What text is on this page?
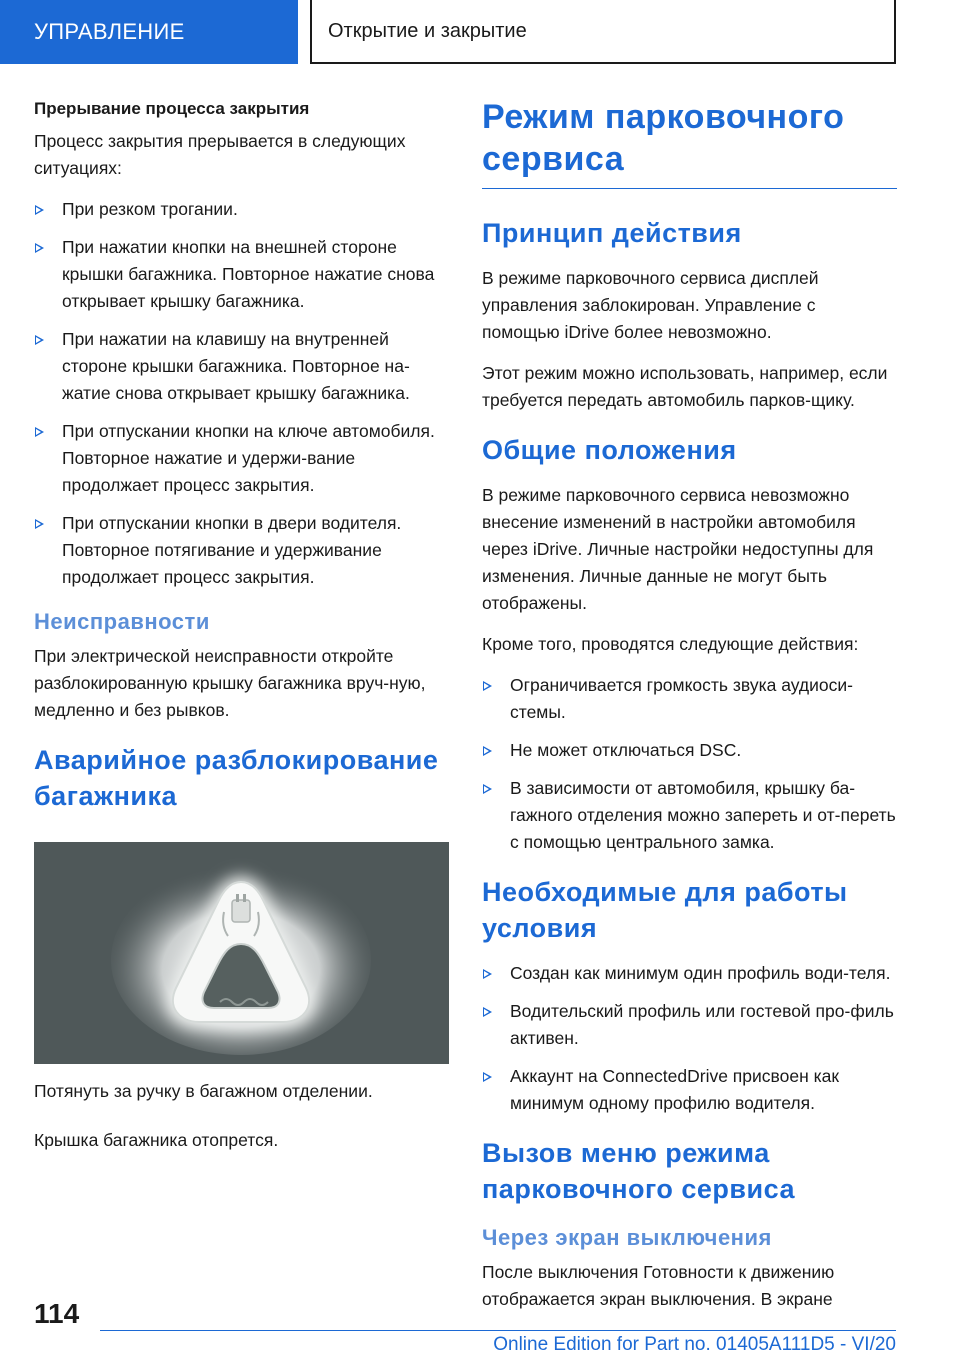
УПРАВЛЕНИЕ	Открытие и закрытие
Прерывание процесса закрытия

Процесс закрытия прерывается в следующих ситуациях:

При резком трогании.
При нажатии кнопки на внешней стороне крышки багажника. Повторное нажатие снова открывает крышку багажника.
При нажатии на клавишу на внутренней стороне крышки багажника. Повторное на-жатие снова открывает крышку багажника.
При отпускании кнопки на ключе автомобиля. Повторное нажатие и удержи-вание продолжает процесс закрытия.
При отпускании кнопки в двери водителя. Повторное потягивание и удерживание продолжает процесс закрытия.
Неисправности

При электрической неисправности откройте разблокированную крышку багажника вруч-ную, медленно и без рывков.

Аварийное разблокирование багажника

Потянуть за ручку в багажном отделении.

Крышка багажника отопрется.

Режим парковочного сервиса
Принцип действия

В режиме парковочного сервиса дисплей управления заблокирован. Управление с помощью iDrive более невозможно.

Этот режим можно использовать, например, если требуется передать автомобиль парков-щику.

Общие положения

В режиме парковочного сервиса невозможно внесение изменений в настройки автомобиля через iDrive. Личные настройки недоступны для изменения. Личные данные не могут быть отображены.

Кроме того, проводятся следующие действия:

Ограничивается громкость звука аудиоси-стемы.
Не может отключаться DSC.
В зависимости от автомобиля, крышку ба-гажного отделения можно запереть и от-переть с помощью центрального замка.
Необходимые для работы условия
Создан как минимум один профиль води-теля.
Водительский профиль или гостевой про-филь активен.
Аккаунт на ConnectedDrive присвоен как минимум одному профилю водителя.
Вызов меню режима парковочного сервиса
Через экран выключения

После выключения Готовности к движению отображается экран выключения. В экране

114
Online Edition for Part no. 01405A111D5 - VI/20
